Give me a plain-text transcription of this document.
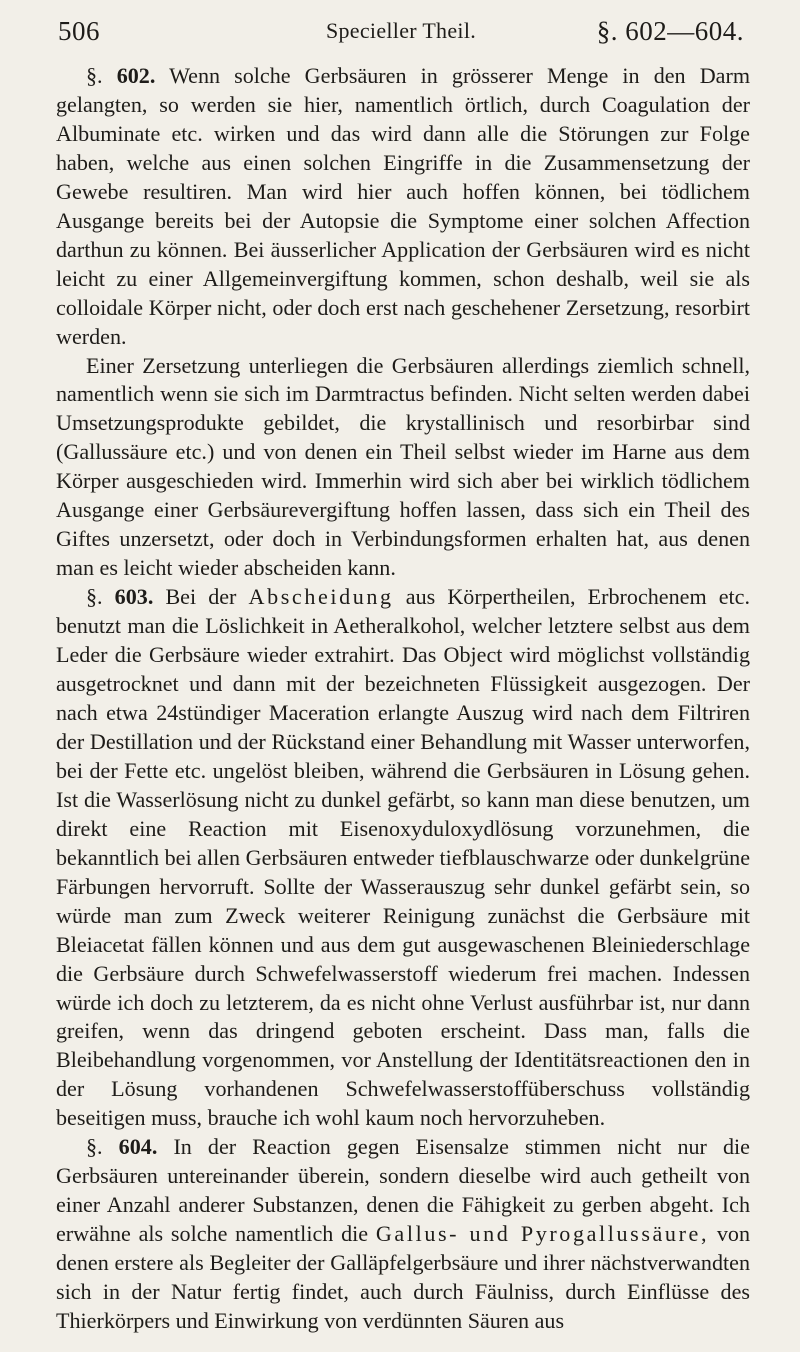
506	Specieller Theil.	§. 602—604.

§. 602. Wenn solche Gerbsäuren in grösserer Menge in den Darm gelangten, so werden sie hier, namentlich örtlich, durch Coagulation der Albuminate etc. wirken und das wird dann alle die Störungen zur Folge haben, welche aus einen solchen Eingriffe in die Zusammensetzung der Gewebe resultiren. Man wird hier auch hoffen können, bei tödlichem Ausgange bereits bei der Autopsie die Symptome einer solchen Affection darthun zu können. Bei äusserlicher Application der Gerbsäuren wird es nicht leicht zu einer Allgemeinvergiftung kommen, schon deshalb, weil sie als colloidale Körper nicht, oder doch erst nach geschehener Zersetzung, resorbirt werden.

Einer Zersetzung unterliegen die Gerbsäuren allerdings ziemlich schnell, namentlich wenn sie sich im Darmtractus befinden. Nicht selten werden dabei Umsetzungsprodukte gebildet, die krystallinisch und resorbirbar sind (Gallussäure etc.) und von denen ein Theil selbst wieder im Harne aus dem Körper ausgeschieden wird. Immerhin wird sich aber bei wirklich tödlichem Ausgange einer Gerbsäurevergiftung hoffen lassen, dass sich ein Theil des Giftes unzersetzt, oder doch in Verbindungsformen erhalten hat, aus denen man es leicht wieder abscheiden kann.

§. 603. Bei der Abscheidung aus Körpertheilen, Erbrochenem etc. benutzt man die Löslichkeit in Aetheralkohol, welcher letztere selbst aus dem Leder die Gerbsäure wieder extrahirt. Das Object wird möglichst vollständig ausgetrocknet und dann mit der bezeichneten Flüssigkeit ausgezogen. Der nach etwa 24stündiger Maceration erlangte Auszug wird nach dem Filtriren der Destillation und der Rückstand einer Behandlung mit Wasser unterworfen, bei der Fette etc. ungelöst bleiben, während die Gerbsäuren in Lösung gehen. Ist die Wasserlösung nicht zu dunkel gefärbt, so kann man diese benutzen, um direkt eine Reaction mit Eisenoxyduloxydlösung vorzunehmen, die bekanntlich bei allen Gerbsäuren entweder tiefblauschwarze oder dunkelgrüne Färbungen hervorruft. Sollte der Wasserauszug sehr dunkel gefärbt sein, so würde man zum Zweck weiterer Reinigung zunächst die Gerbsäure mit Bleiacetat fällen können und aus dem gut ausgewaschenen Bleiniederschlage die Gerbsäure durch Schwefelwasserstoff wiederum frei machen. Indessen würde ich doch zu letzterem, da es nicht ohne Verlust ausführbar ist, nur dann greifen, wenn das dringend geboten erscheint. Dass man, falls die Bleibehandlung vorgenommen, vor Anstellung der Identitätsreactionen den in der Lösung vorhandenen Schwefelwasserstoffüberschuss vollständig beseitigen muss, brauche ich wohl kaum noch hervorzuheben.

§. 604. In der Reaction gegen Eisensalze stimmen nicht nur die Gerbsäuren untereinander überein, sondern dieselbe wird auch getheilt von einer Anzahl anderer Substanzen, denen die Fähigkeit zu gerben abgeht. Ich erwähne als solche namentlich die Gallus- und Pyrogallussäure, von denen erstere als Begleiter der Galläpfelgerbsäure und ihrer nächstverwandten sich in der Natur fertig findet, auch durch Fäulniss, durch Einflüsse des Thierkörpers und Einwirkung von verdünnten Säuren aus
